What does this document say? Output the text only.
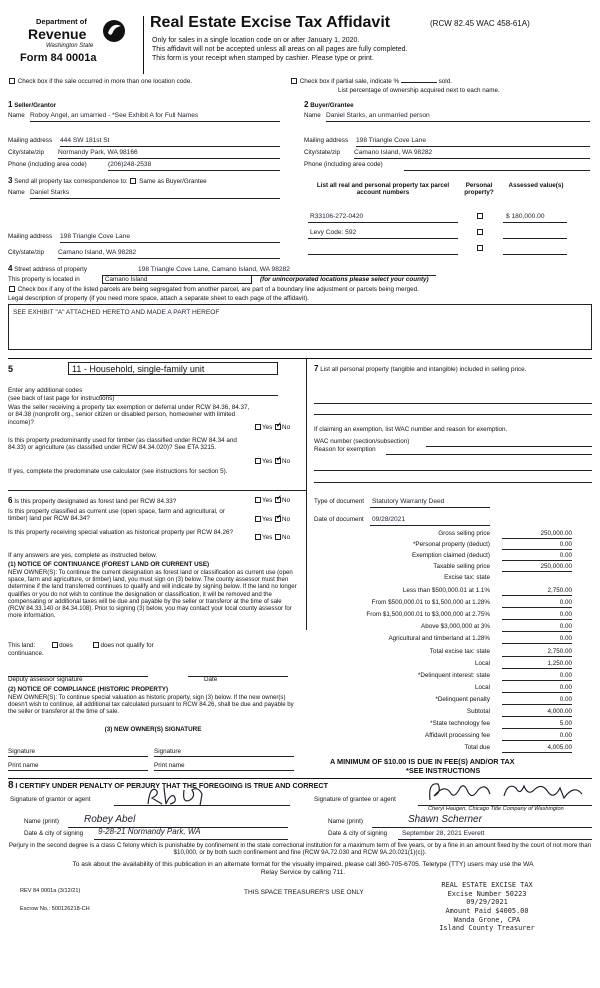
Department of
Revenue
Washington State
Form 84 0001a
Real Estate Excise Tax Affidavit	(RCW 82.45 WAC 458-61A)
Only for sales in a single location code on or after January 1, 2020.
This affidavit will not be accepted unless all areas on all pages are fully completed.
This form is your receipt when stamped by cashier. Please type or print.
Check box if the sale occurred in more than one location code.	Check box if partial sale, indicate %	sold.
List percentage of ownership acquired next to each name.
1 Seller/Grantor
Name Roboy Angel, an umarried - *See Exhibit A for Full Names
Mailing address 444 SW 181st St
City/state/zip Normandy Park, WA 98166
Phone (including area code)	(206)248-2538
2 Buyer/Grantee
Name Daniel Starks, an unmarried person
Mailing address 198 Triangle Cove Lane
City/state/zip Camano Island, WA 98282
Phone (including area code)
3 Send all property tax correspondence to: Same as Buyer/Grantee
Name Daniel Starks
Mailing address 198 Triangle Cove Lane
City/state/zip Camano Island, WA 98282
List all real and personal property tax parcel account numbers
Personal property?
Assessed value(s)
R33106-272-0420	$ 180,000.00
Levy Code: 592
4 Street address of property	198 Triangle Cove Lane, Camano Island, WA 98282
This property is located in	Camano Island	(for unincorporated locations please select your county)
Check box if any of the listed parcels are being segregated from another parcel, are part of a boundary line adjustment or parcels being merged.
Legal description of property (if you need more space, attach a separate sheet to each page of the affidavit).
SEE EXHIBIT "A" ATTACHED HERETO AND MADE A PART HEREOF
5	11 - Household, single-family unit
Enter any additional codes
(see back of last page for instructions)
Was the seller receiving a property tax exemption or deferral under RCW 84.36, 84.37, or 84.38 (nonprofit org., senior citizen or disabled person, homeowner with limited income)?
Yes ✓ No
Is this property predominantly used for timber (as classified under RCW 84.34 and 84.33) or agriculture (as classified under RCW 84.34.020)? See ETA 3215.
Yes ✓ No
If yes, complete the predominate use calculator (see instructions for section 5).
6 Is this property designated as forest land per RCW 84.33?	Yes ✓ No
Is this property classified as current use (open space, farm and agricultural, or timber) land per RCW 84.34?	Yes ✓ No
Is this property receiving special valuation as historical property per RCW 84.26?
Yes No
If any answers are yes, complete as instructed below.
(1) NOTICE OF CONTINUANCE (FOREST LAND OR CURRENT USE)
NEW OWNER(S): To continue the current designation as forest land or classification as current use (open space, farm and agriculture, or timber) land, you must sign on (3) below. The county assessor must then determine if the land transferred continues to qualify and will indicate by signing below. If the land no longer qualifies or you do not wish to continue the designation or classification, it will be removed and the compensating or additional taxes will be due and payable by the seller or transferor at the time of sale (RCW 84.33.140 or 84.34.108). Prior to signing (3) below, you may contact your local county assessor for more information.
This land:	does	does not qualify for
continuance.
Deputy assessor signature	Date
(2) NOTICE OF COMPLIANCE (HISTORIC PROPERTY)
NEW OWNER(S): To continue special valuation as historic property, sign (3) below. If the new owner(s) doesn't wish to continue, all additional tax calculated pursuant to RCW 84.26, shall be due and payable by the seller or transferor at the time of sale.
(3) NEW OWNER(S) SIGNATURE
Signature	Signature
Print name	Print name
7 List all personal property (tangible and intangible) included in selling price.
If claiming an exemption, list WAC number and reason for exemption.
WAC number (section/subsection)
Reason for exemption
Type of document Statutory Warranty Deed
Date of document 09/28/2021
Gross selling price	250,000.00
*Personal property (deduct)	0.00
Exemption claimed (deduct)	0.00
Taxable selling price	250,000.00
Excise tax: state
Less than $500,000.01 at 1.1%	2,750.00
From $500,000.01 to $1,500,000 at 1.28%	0.00
From $1,500,000.01 to $3,000,000 at 2.75%	0.00
Above $3,000,000 at 3%	0.00
Agricultural and timberland at 1.28%	0.00
Total excise tax: state	2,750.00
Local	1,250.00
*Delinquent interest: state	0.00
Local	0.00
*Delinquent penalty	0.00
Subtotal	4,000.00
*State technology fee	5.00
Affidavit processing fee	0.00
Total due	4,005.00
A MINIMUM OF $10.00 IS DUE IN FEE(S) AND/OR TAX
*SEE INSTRUCTIONS
8 I CERTIFY UNDER PENALTY OF PERJURY THAT THE FOREGOING IS TRUE AND CORRECT
Signature of grantor or agent	Signature of grantee or agent
Cheryl Haugen, Chicago Title Company of Washington
Name (print)	Robey Abel	Name (print)	Shawn Scherner
Date & city of signing 9-28-21 Normandy Park, WA	Date & city of signing September 28, 2021 Everett
Perjury in the second degree is a class C felony which is punishable by confinement in the state correctional institution for a maximum term of five years, or by a fine in an amount fixed by the court of not more than $10,000, or by both such confinement and fine (RCW 9A.72.030 and RCW 9A.20.021(1)(c)).
To ask about the availability of this publication in an alternate format for the visually impaired, please call 360-705-6705. Teletype (TTY) users may use the WA Relay Service by calling 711.
REV 84 0001a (3/12/21)	THIS SPACE TREASURER'S USE ONLY
Escrow No.: 500126218-CH
REAL ESTATE EXCISE TAX
Excise Number 50223
09/29/2021
Amount Paid $4005.00
Wanda Grone, CPA
Island County Treasurer
